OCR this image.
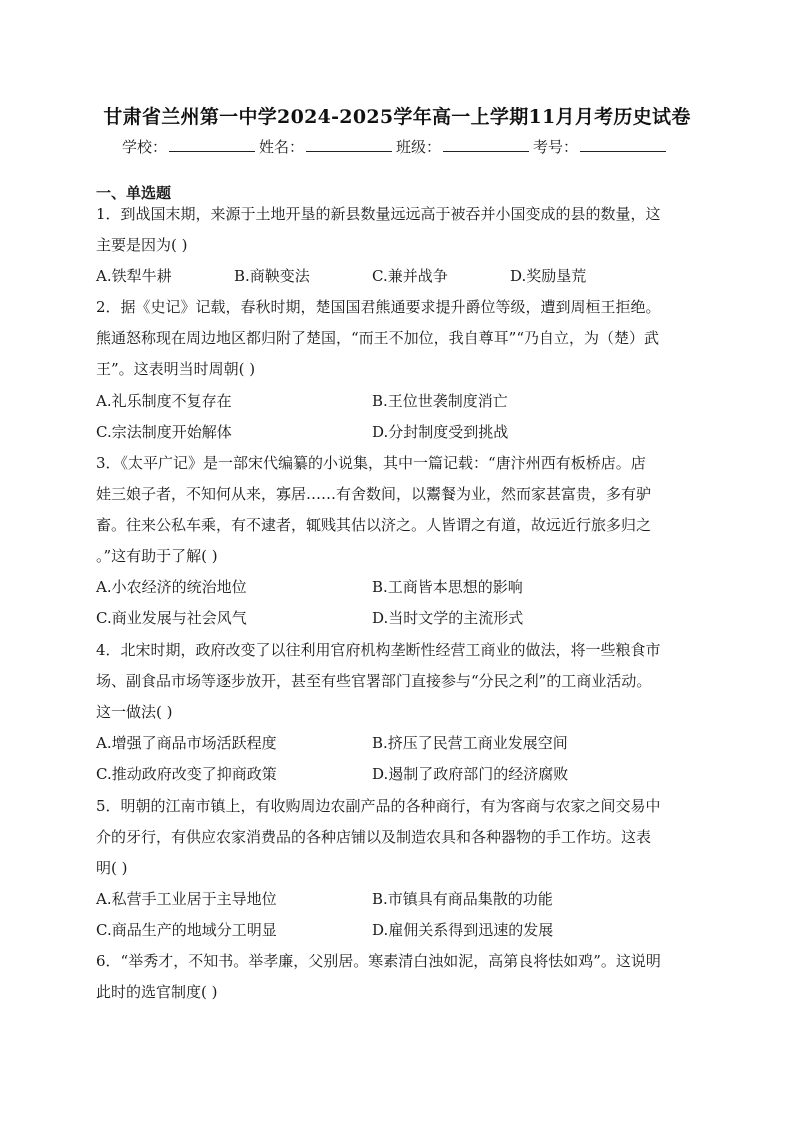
甘肃省兰州第一中学2024-2025学年高一上学期11月月考历史试卷
学校：	姓名：	班级：	考号：
一、单选题
1．到战国末期，来源于土地开垦的新县数量远远高于被吞并小国变成的县的数量，这
主要是因为( )
A.铁犁牛耕	B.商鞅变法	C.兼并战争	D.奖励垦荒
2．据《史记》记载，春秋时期，楚国国君熊通要求提升爵位等级，遭到周桓王拒绝。
熊通怒称现在周边地区都归附了楚国，“而王不加位，我自尊耳”“乃自立，为（楚）武
王”。这表明当时周朝( )
A.礼乐制度不复存在	B.王位世袭制度消亡
C.宗法制度开始解体	D.分封制度受到挑战
3．《太平广记》是一部宋代编纂的小说集，其中一篇记载：“唐汴州西有板桥店。店
娃三娘子者，不知何从来，寡居……有舍数间，以鬻餐为业，然而家甚富贵，多有驴
畜。往来公私车乘，有不逮者，辄贱其估以济之。人皆谓之有道，故远近行旅多归之
。”这有助于了解( )
A.小农经济的统治地位	B.工商皆本思想的影响
C.商业发展与社会风气	D.当时文学的主流形式
4．北宋时期，政府改变了以往利用官府机构垄断性经营工商业的做法，将一些粮食市
场、副食品市场等逐步放开，甚至有些官署部门直接参与“分民之利”的工商业活动。
这一做法( )
A.增强了商品市场活跃程度	B.挤压了民营工商业发展空间
C.推动政府改变了抑商政策	D.遏制了政府部门的经济腐败
5．明朝的江南市镇上，有收购周边农副产品的各种商行，有为客商与农家之间交易中
介的牙行，有供应农家消费品的各种店铺以及制造农具和各种器物的手工作坊。这表
明( )
A.私营手工业居于主导地位	B.市镇具有商品集散的功能
C.商品生产的地域分工明显	D.雇佣关系得到迅速的发展
6．“举秀才，不知书。举孝廉，父别居。寒素清白浊如泥，高第良将怯如鸡”。这说明
此时的选官制度( )
